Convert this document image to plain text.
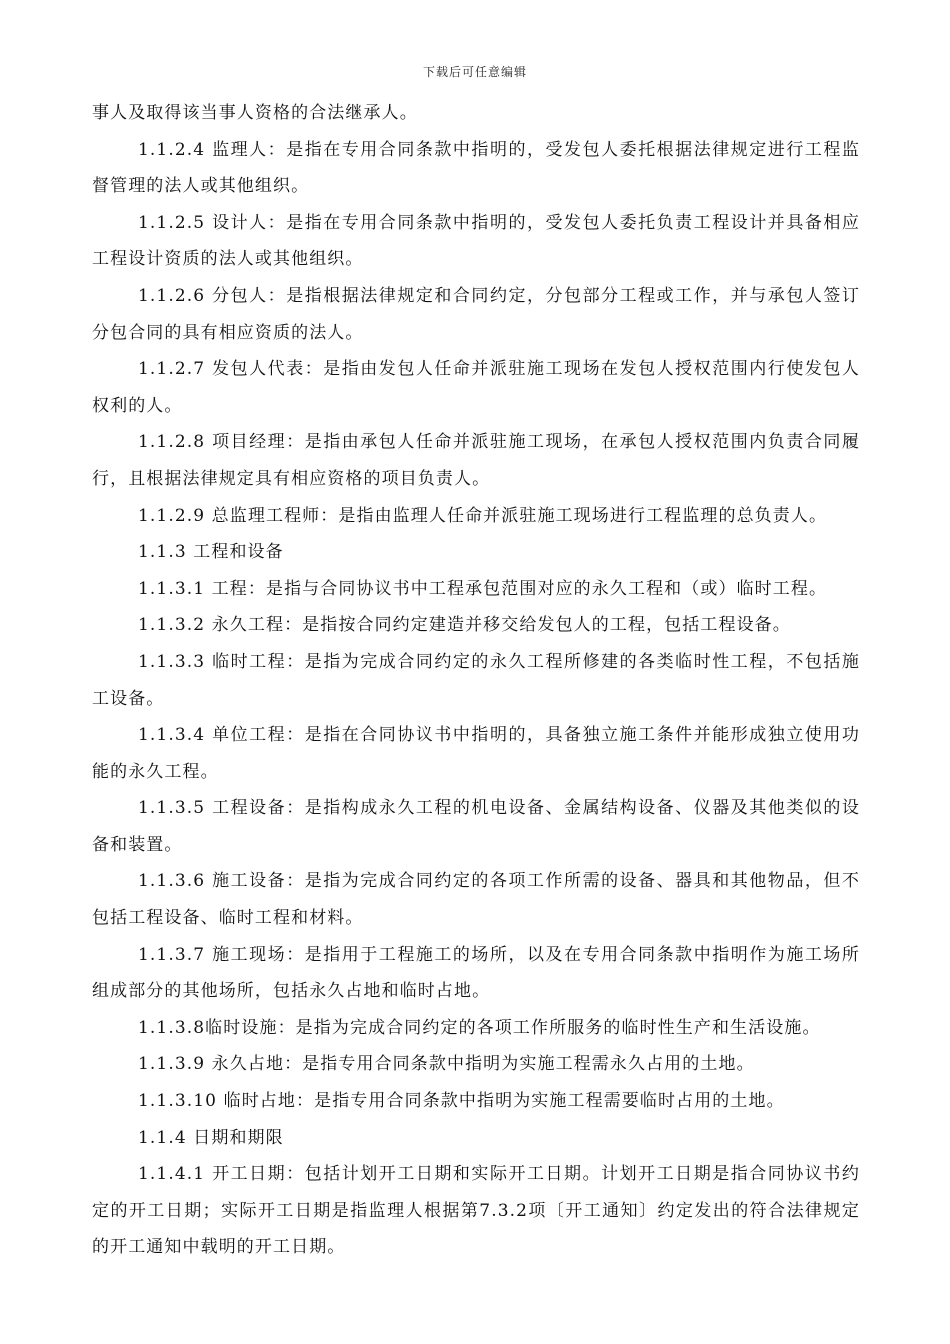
下载后可任意编辑

事人及取得该当事人资格的合法继承人。

1.1.2.4 监理人：是指在专用合同条款中指明的，受发包人委托根据法律规定进行工程监督管理的法人或其他组织。

1.1.2.5 设计人：是指在专用合同条款中指明的，受发包人委托负责工程设计并具备相应工程设计资质的法人或其他组织。

1.1.2.6 分包人：是指根据法律规定和合同约定，分包部分工程或工作，并与承包人签订分包合同的具有相应资质的法人。

1.1.2.7 发包人代表：是指由发包人任命并派驻施工现场在发包人授权范围内行使发包人权利的人。

1.1.2.8 项目经理：是指由承包人任命并派驻施工现场，在承包人授权范围内负责合同履行，且根据法律规定具有相应资格的项目负责人。

1.1.2.9 总监理工程师：是指由监理人任命并派驻施工现场进行工程监理的总负责人。

1.1.3 工程和设备

1.1.3.1 工程：是指与合同协议书中工程承包范围对应的永久工程和（或）临时工程。

1.1.3.2 永久工程：是指按合同约定建造并移交给发包人的工程，包括工程设备。

1.1.3.3 临时工程：是指为完成合同约定的永久工程所修建的各类临时性工程，不包括施工设备。

1.1.3.4 单位工程：是指在合同协议书中指明的，具备独立施工条件并能形成独立使用功能的永久工程。

1.1.3.5 工程设备：是指构成永久工程的机电设备、金属结构设备、仪器及其他类似的设备和装置。

1.1.3.6 施工设备：是指为完成合同约定的各项工作所需的设备、器具和其他物品，但不包括工程设备、临时工程和材料。

1.1.3.7 施工现场：是指用于工程施工的场所，以及在专用合同条款中指明作为施工场所组成部分的其他场所，包括永久占地和临时占地。

1.1.3.8临时设施：是指为完成合同约定的各项工作所服务的临时性生产和生活设施。

1.1.3.9 永久占地：是指专用合同条款中指明为实施工程需永久占用的土地。

1.1.3.10 临时占地：是指专用合同条款中指明为实施工程需要临时占用的土地。

1.1.4 日期和期限

1.1.4.1 开工日期：包括计划开工日期和实际开工日期。计划开工日期是指合同协议书约定的开工日期；实际开工日期是指监理人根据第7.3.2项〔开工通知〕约定发出的符合法律规定的开工通知中载明的开工日期。
